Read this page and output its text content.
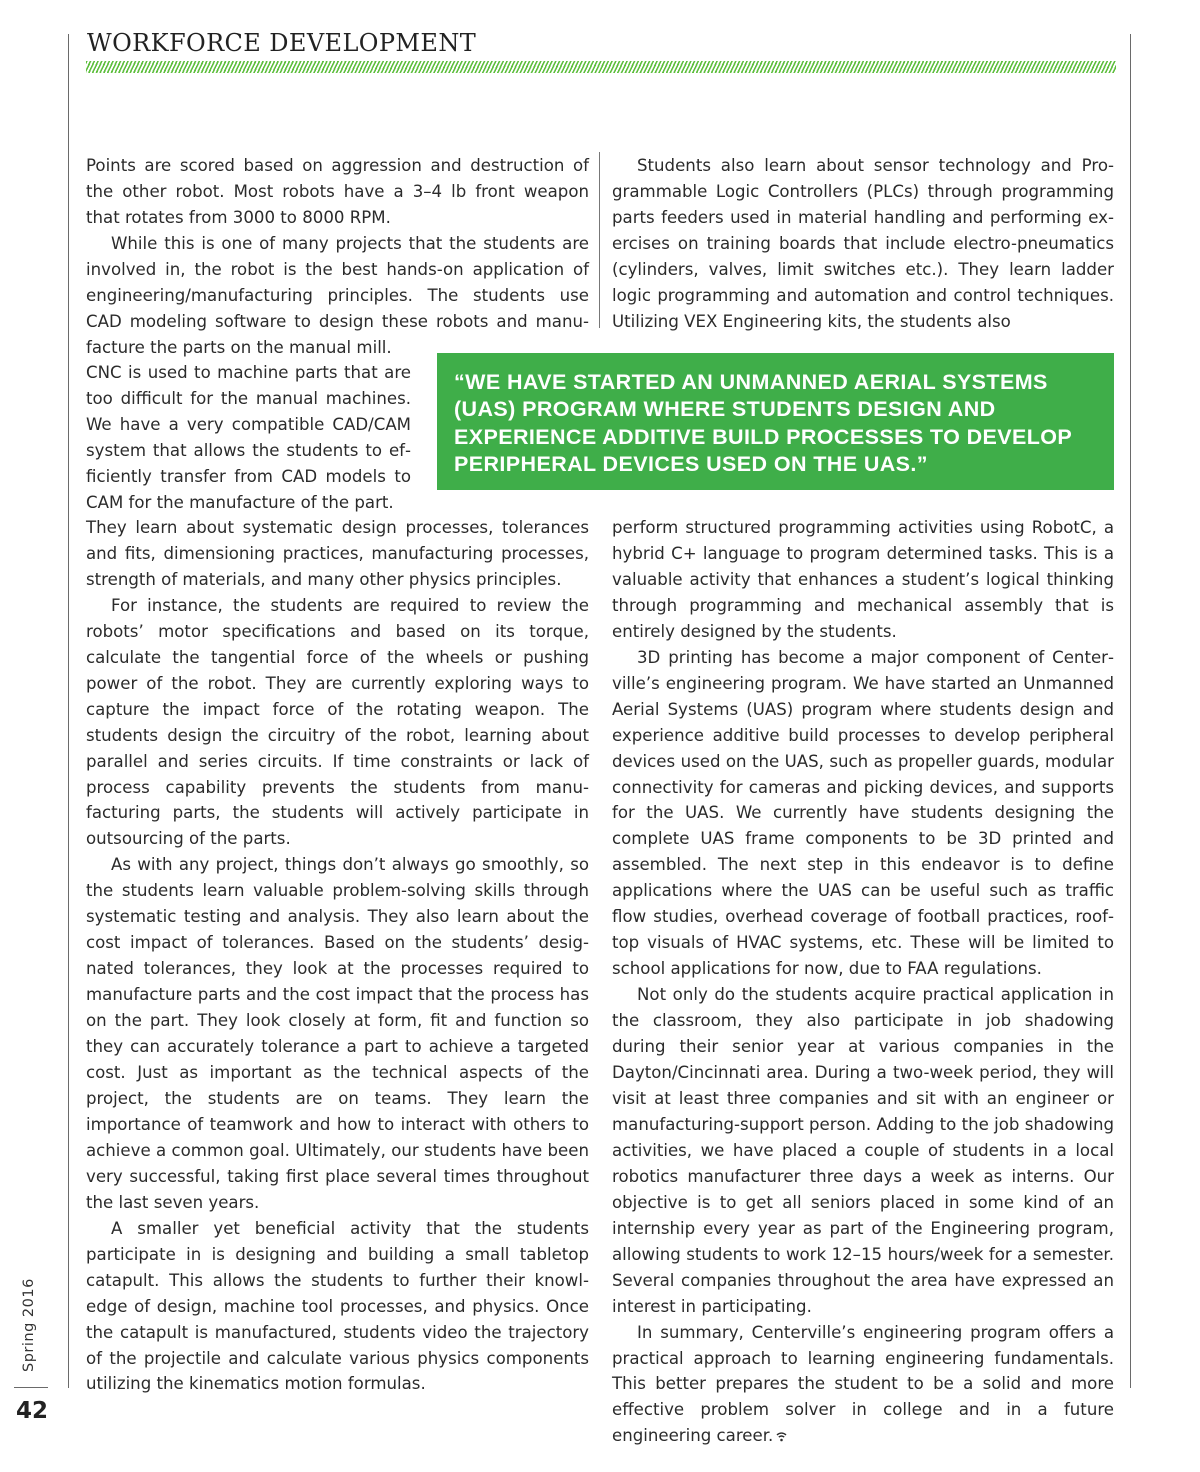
WORKFORCE DEVELOPMENT

Points are scored based on aggression and destruction of the other robot. Most robots have a 3–4 lb front weapon that rotates from 3000 to 8000 RPM.

While this is one of many projects that the students are involved in, the robot is the best hands-on application of engineering/manufacturing principles. The students use CAD modeling software to design these robots and manufacture the parts on the manual mill.

CNC is used to machine parts that are too difficult for the manual machines. We have a very compatible CAD/CAM system that allows the students to efficiently transfer from CAD models to CAM for the manufacture of the part.

“WE HAVE STARTED AN UNMANNED AERIAL SYSTEMS (UAS) PROGRAM WHERE STUDENTS DESIGN AND EXPERIENCE ADDITIVE BUILD PROCESSES TO DEVELOP PERIPHERAL DEVICES USED ON THE UAS.”

They learn about systematic design processes, tolerances and fits, dimensioning practices, manufacturing processes, strength of materials, and many other physics principles.

For instance, the students are required to review the robots’ motor specifications and based on its torque, calculate the tangential force of the wheels or pushing power of the robot. They are currently exploring ways to capture the impact force of the rotating weapon. The students design the circuitry of the robot, learning about parallel and series circuits. If time constraints or lack of process capability prevents the students from manufacturing parts, the students will actively participate in outsourcing of the parts.

As with any project, things don’t always go smoothly, so the students learn valuable problem-solving skills through systematic testing and analysis. They also learn about the cost impact of tolerances. Based on the students’ designated tolerances, they look at the processes required to manufacture parts and the cost impact that the process has on the part. They look closely at form, fit and function so they can accurately tolerance a part to achieve a targeted cost. Just as important as the technical aspects of the project, the students are on teams. They learn the importance of teamwork and how to interact with others to achieve a common goal. Ultimately, our students have been very successful, taking first place several times throughout the last seven years.

A smaller yet beneficial activity that the students participate in is designing and building a small tabletop catapult. This allows the students to further their knowledge of design, machine tool processes, and physics. Once the catapult is manufactured, students video the trajectory of the projectile and calculate various physics components utilizing the kinematics motion formulas.

Students also learn about sensor technology and Programmable Logic Controllers (PLCs) through programming parts feeders used in material handling and performing exercises on training boards that include electro-pneumatics (cylinders, valves, limit switches etc.). They learn ladder logic programming and automation and control techniques. Utilizing VEX Engineering kits, the students also

perform structured programming activities using RobotC, a hybrid C+ language to program determined tasks. This is a valuable activity that enhances a student’s logical thinking through programming and mechanical assembly that is entirely designed by the students.

3D printing has become a major component of Centerville’s engineering program. We have started an Unmanned Aerial Systems (UAS) program where students design and experience additive build processes to develop peripheral devices used on the UAS, such as propeller guards, modular connectivity for cameras and picking devices, and supports for the UAS. We currently have students designing the complete UAS frame components to be 3D printed and assembled. The next step in this endeavor is to define applications where the UAS can be useful such as traffic flow studies, overhead coverage of football practices, rooftop visuals of HVAC systems, etc. These will be limited to school applications for now, due to FAA regulations.

Not only do the students acquire practical application in the classroom, they also participate in job shadowing during their senior year at various companies in the Dayton/Cincinnati area. During a two-week period, they will visit at least three companies and sit with an engineer or manufacturing-support person. Adding to the job shadowing activities, we have placed a couple of students in a local robotics manufacturer three days a week as interns. Our objective is to get all seniors placed in some kind of an internship every year as part of the Engineering program, allowing students to work 12–15 hours/week for a semester. Several companies throughout the area have expressed an interest in participating.

In summary, Centerville’s engineering program offers a practical approach to learning engineering fundamentals. This better prepares the student to be a solid and more effective problem solver in college and in a future engineering career.

Spring 2016
42
